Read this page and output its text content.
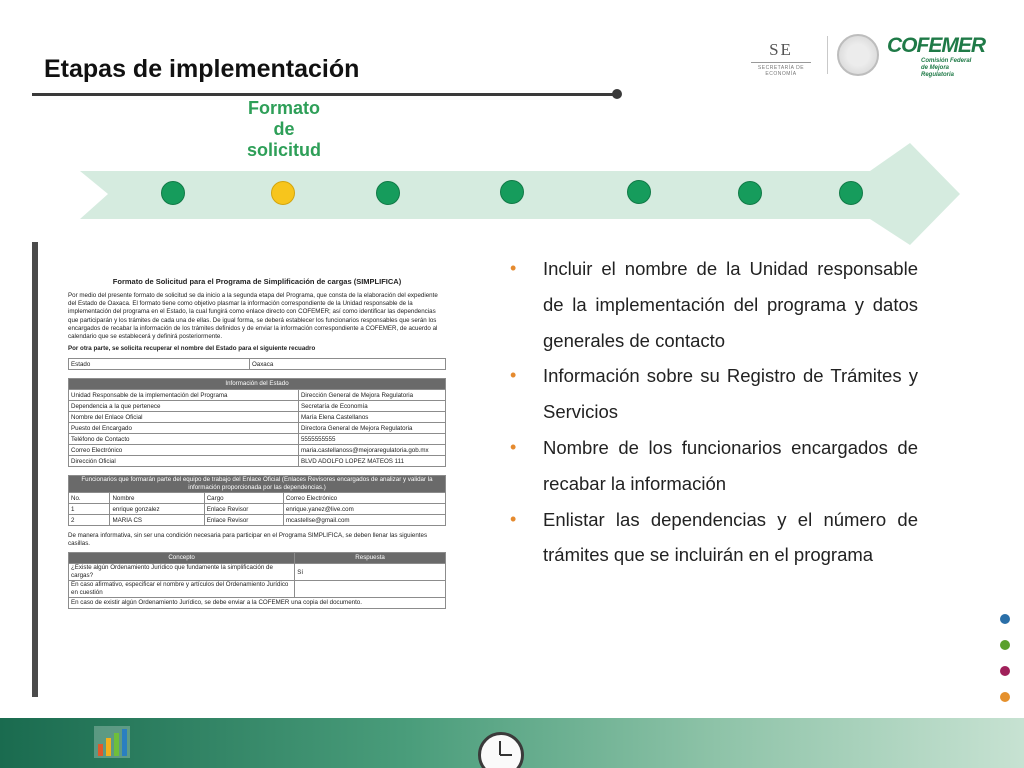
Etapas de implementación
SE
SECRETARÍA DE ECONOMÍA
COFEMER
Comisión Federal
de Mejora Regulatoria
Formato
de
solicitud
Formato de Solicitud para el Programa de Simplificación de cargas (SIMPLIFICA)
Por medio del presente formato de solicitud se da inicio a la segunda etapa del Programa, que consta de la elaboración del expediente del Estado de Oaxaca. El formato tiene como objetivo plasmar la información correspondiente de la Unidad responsable de la implementación del programa en el Estado, la cual fungirá como enlace directo con COFEMER; así como identificar las dependencias que participarán y los trámites de cada una de ellas. De igual forma, se deberá establecer los funcionarios responsables que serán los encargados de recabar la información de los trámites definidos y de enviar la información correspondiente a COFEMER, de acuerdo al calendario que se establecerá y definirá posteriormente.
Por otra parte, se solicita recuperar el nombre del Estado para el siguiente recuadro
Estado	Oaxaca
Información del Estado	
Unidad Responsable de la implementación del Programa	Dirección General de Mejora Regulatoria
Dependencia a la que pertenece	Secretaría de Economía
Nombre del Enlace Oficial	María Elena Castellanos
Puesto del Encargado	Directora General de Mejora Regulatoria
Teléfono de Contacto	5555555555
Correo Electrónico	maria.castellanoss@mejoraregulatoria.gob.mx
Dirección Oficial	BLVD ADOLFO LOPEZ MATEOS 111
Funcionarios que formarán parte del equipo de trabajo del Enlace Oficial (Enlaces Revisores encargados de analizar y validar la información proporcionada por las dependencias.)			
No.	Nombre	Cargo	Correo Electrónico
1	enrique gonzalez	Enlace Revisor	enrique.yanez@live.com
2	MARIA CS	Enlace Revisor	mcastellse@gmail.com
De manera informativa, sin ser una condición necesaria para participar en el Programa SIMPLIFICA, se deben llenar las siguientes casillas.
Concepto	Respuesta
¿Existe algún Ordenamiento Jurídico que fundamente la simplificación de cargas?	Sí
En caso afirmativo, especificar el nombre y artículos del Ordenamiento Jurídico en cuestión	
En caso de existir algún Ordenamiento Jurídico, se debe enviar a la COFEMER una copia del documento.	
• Incluir el nombre de la Unidad responsable de la implementación del programa y datos generales de contacto
• Información sobre su Registro de Trámites y Servicios
• Nombre de los funcionarios encargados de recabar la información
• Enlistar las dependencias y el número de trámites que se incluirán en el programa
